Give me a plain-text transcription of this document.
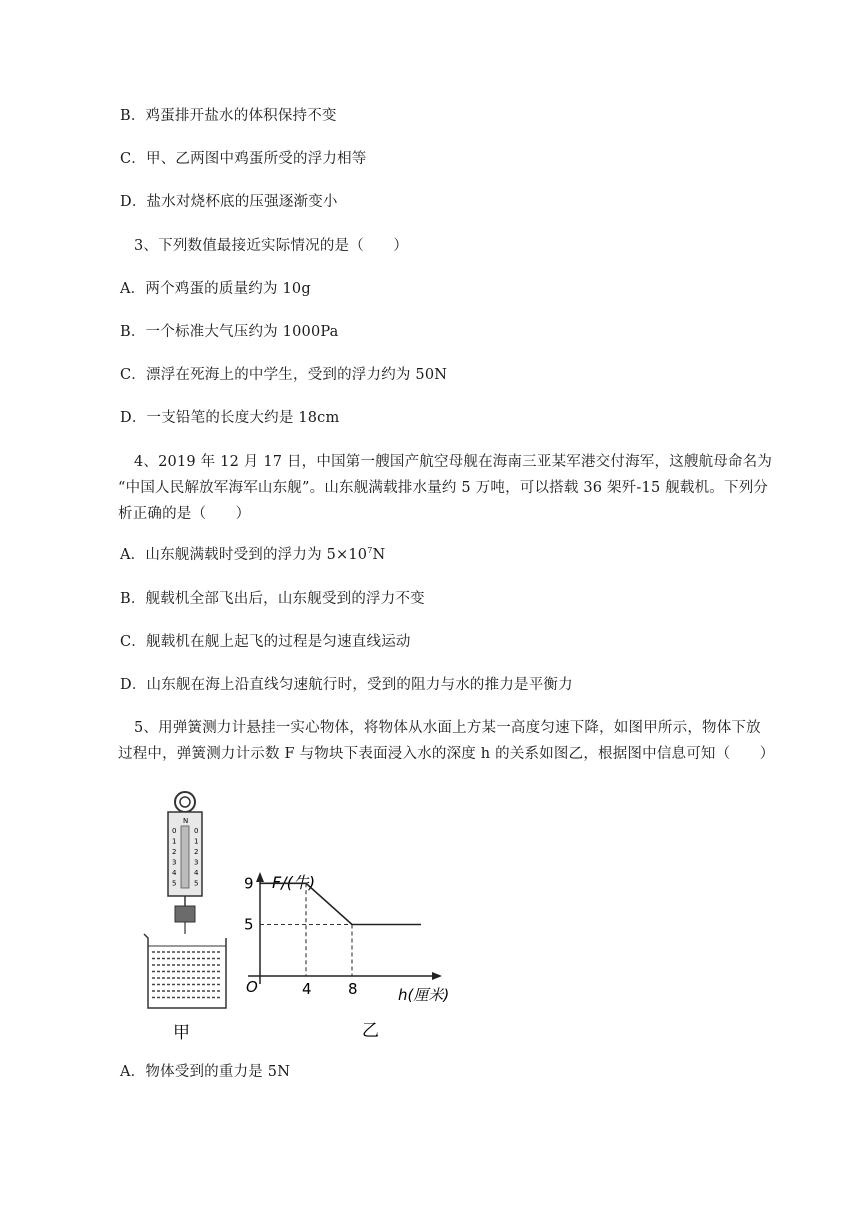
B．鸡蛋排开盐水的体积保持不变
C．甲、乙两图中鸡蛋所受的浮力相等
D．盐水对烧杯底的压强逐渐变小
3、下列数值最接近实际情况的是（　　）
A．两个鸡蛋的质量约为 10g
B．一个标准大气压约为 1000Pa
C．漂浮在死海上的中学生，受到的浮力约为 50N
D．一支铅笔的长度大约是 18cm
4、2019 年 12 月 17 日，中国第一艘国产航空母舰在海南三亚某军港交付海军，这艘航母命名为
“中国人民解放军海军山东舰”。山东舰满载排水量约 5 万吨，可以搭载 36 架歼-15 舰载机。下列分
析正确的是（　　）
A．山东舰满载时受到的浮力为 $5\times 10^7N$
B．舰载机全部飞出后，山东舰受到的浮力不变
C．舰载机在舰上起飞的过程是匀速直线运动
D．山东舰在海上沿直线匀速航行时，受到的阻力与水的推力是平衡力
5、用弹簧测力计悬挂一实心物体，将物体从水面上方某一高度匀速下降，如图甲所示，物体下放
过程中，弹簧测力计示数 F 与物块下表面浸入水的深度 h 的关系如图乙，根据图中信息可知（　　）
N
0	0
1	1
2	2
3	3
4	4
5	5
甲
F/(牛)
h(厘米)
O
5
9
4 8
乙
A．物体受到的重力是 5N
